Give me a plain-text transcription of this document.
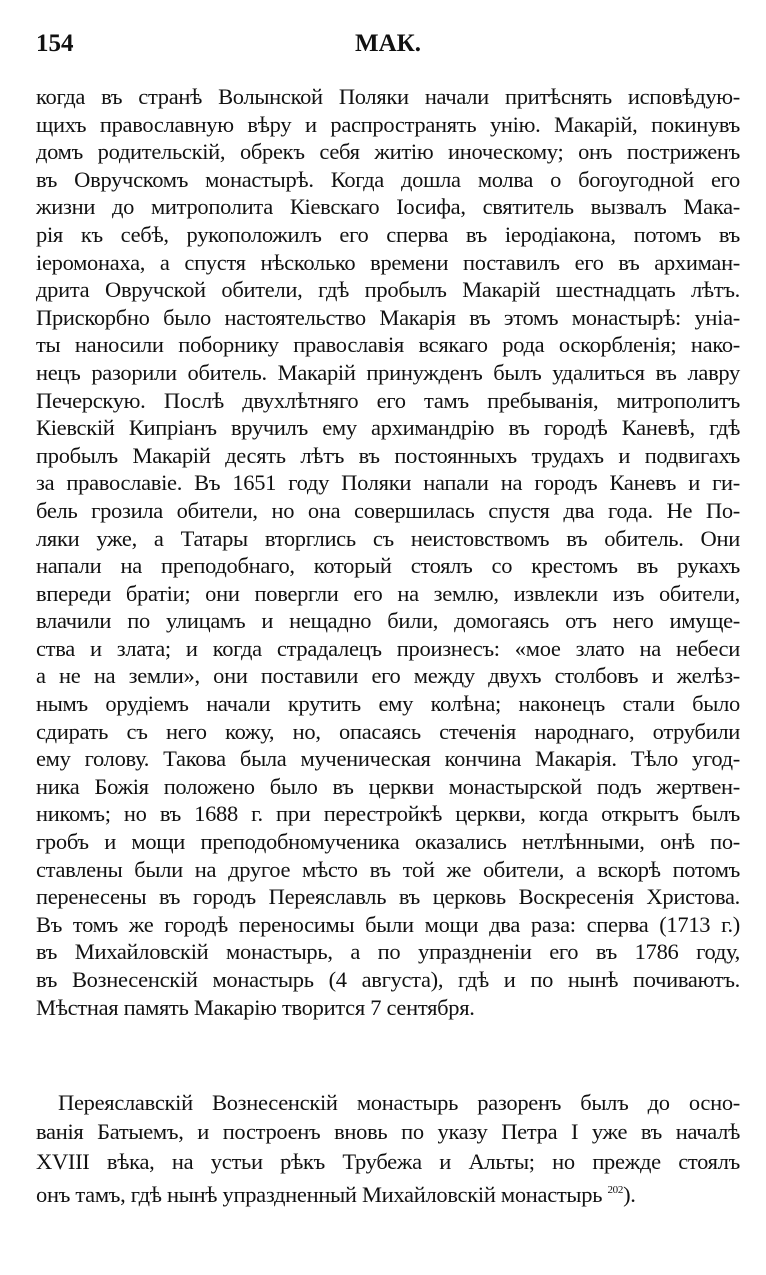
154	МАК.
когда въ странѣ Волынской Поляки начали притѣснять исповѣдую-
щихъ православную вѣру и распространять унію. Макарій, покинувъ
домъ родительскій, обрекъ себя житію иноческому; онъ постриженъ
въ Овручскомъ монастырѣ. Когда дошла молва о богоугодной его
жизни до митрополита Кіевскаго Іосифа, святитель вызвалъ Мака-
рія къ себѣ, рукоположилъ его сперва въ іеродіакона, потомъ въ
іеромонаха, а спустя нѣсколько времени поставилъ его въ архиман-
дрита Овручской обители, гдѣ пробылъ Макарій шестнадцать лѣтъ.
Прискорбно было настоятельство Макарія въ этомъ монастырѣ: уніа-
ты наносили поборнику православія всякаго рода оскорбленія; нако-
нецъ разорили обитель. Макарій принужденъ былъ удалиться въ лавру
Печерскую. Послѣ двухлѣтняго его тамъ пребыванія, митрополитъ
Кіевскій Кипріанъ вручилъ ему архимандрію въ городѣ Каневѣ, гдѣ
пробылъ Макарій десять лѣтъ въ постоянныхъ трудахъ и подвигахъ
за православіе. Въ 1651 году Поляки напали на городъ Каневъ и ги-
бель грозила обители, но она совершилась спустя два года. Не По-
ляки уже, а Татары вторглись съ неистовствомъ въ обитель. Они
напали на преподобнаго, который стоялъ со крестомъ въ рукахъ
впереди братіи; они повергли его на землю, извлекли изъ обители,
влачили по улицамъ и нещадно били, домогаясь отъ него имуще-
ства и злата; и когда страдалецъ произнесъ: «мое злато на небеси
а не на земли», они поставили его между двухъ столбовъ и желѣз-
нымъ орудіемъ начали крутить ему колѣна; наконецъ стали было
сдирать съ него кожу, но, опасаясь стеченія народнаго, отрубили
ему голову. Такова была мученическая кончина Макарія. Тѣло угод-
ника Божія положено было въ церкви монастырской подъ жертвен-
никомъ; но въ 1688 г. при перестройкѣ церкви, когда открытъ былъ
гробъ и мощи преподобномученика оказались нетлѣнными, онѣ по-
ставлены были на другое мѣсто въ той же обители, а вскорѣ потомъ
перенесены въ городъ Переяславль въ церковь Воскресенія Христова.
Въ томъ же городѣ переносимы были мощи два раза: сперва (1713 г.)
въ Михайловскій монастырь, а по упраздненіи его въ 1786 году,
въ Вознесенскій монастырь (4 августа), гдѣ и по нынѣ почиваютъ.
Мѣстная память Макарію творится 7 сентября.
Переяславскій Вознесенскій монастырь разоренъ былъ до осно-
ванія Батыемъ, и построенъ вновь по указу Петра I уже въ началѣ
XVIII вѣка, на устьи рѣкъ Трубежа и Альты; но прежде стоялъ
онъ тамъ, гдѣ нынѣ упраздненный Михайловскій монастырь $^{202}$).
